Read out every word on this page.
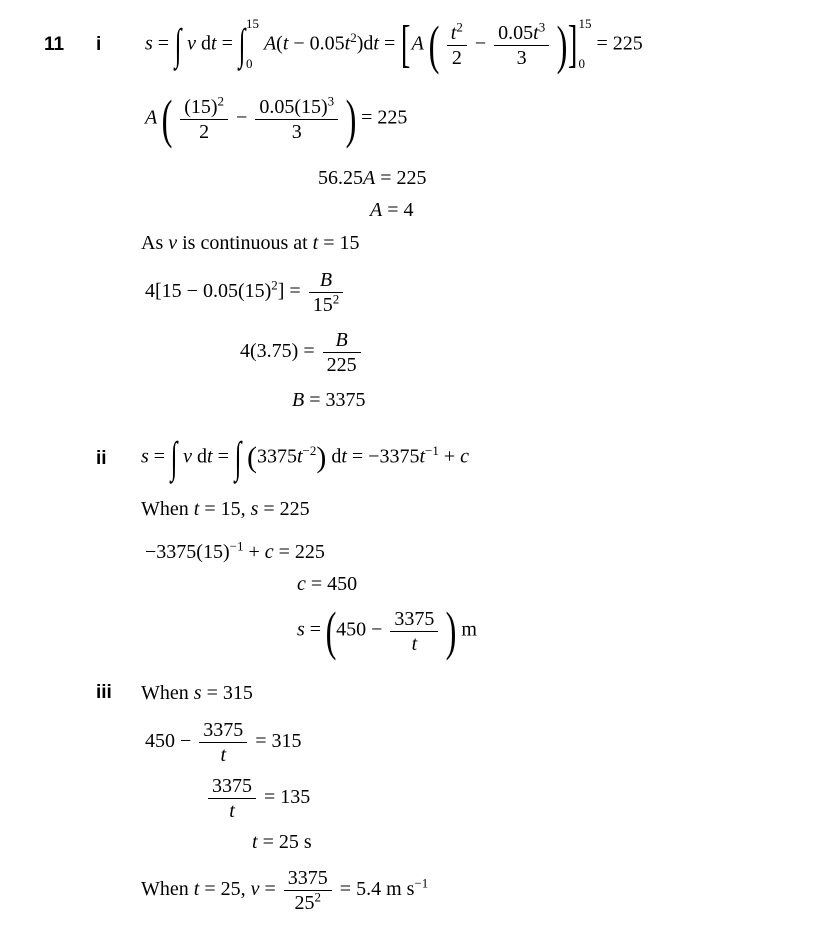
11 i
ii
iii
s = ∫ v dt = ∫ 15
0
$A(t - 0.05t^2)dt = [A$ ( $\frac{t^2}{2} - \frac{0.05t^3}{3}$ )] 15
0
= 225
A ( $\frac{(15)^2}{2} - \frac{0.05(15)^3}{3}$ ) = 225
56.25A = 225
A = 4
As v is continuous at t = 15
$4[15 - 0.05(15)^2] = \frac{B}{15^2}$
$4(3.75) = \frac{B}{225}$
B = 3375
s = ∫ v dt = ∫ $(3375t^{-2})$ dt = $-3375t^{-1} + c$
When t = 15, s = 225
$-3375(15)^{-1} + c = 225$
c = 450
$s = (450 - \frac{3375}{t}$ ) m
When s = 315
$450 - \frac{3375}{t} = 315$
$\frac{3375}{t} = 135$
t = 25 s
When t = 25, $v = \frac{3375}{25^2} = 5.4$ m $s^{-1}$
